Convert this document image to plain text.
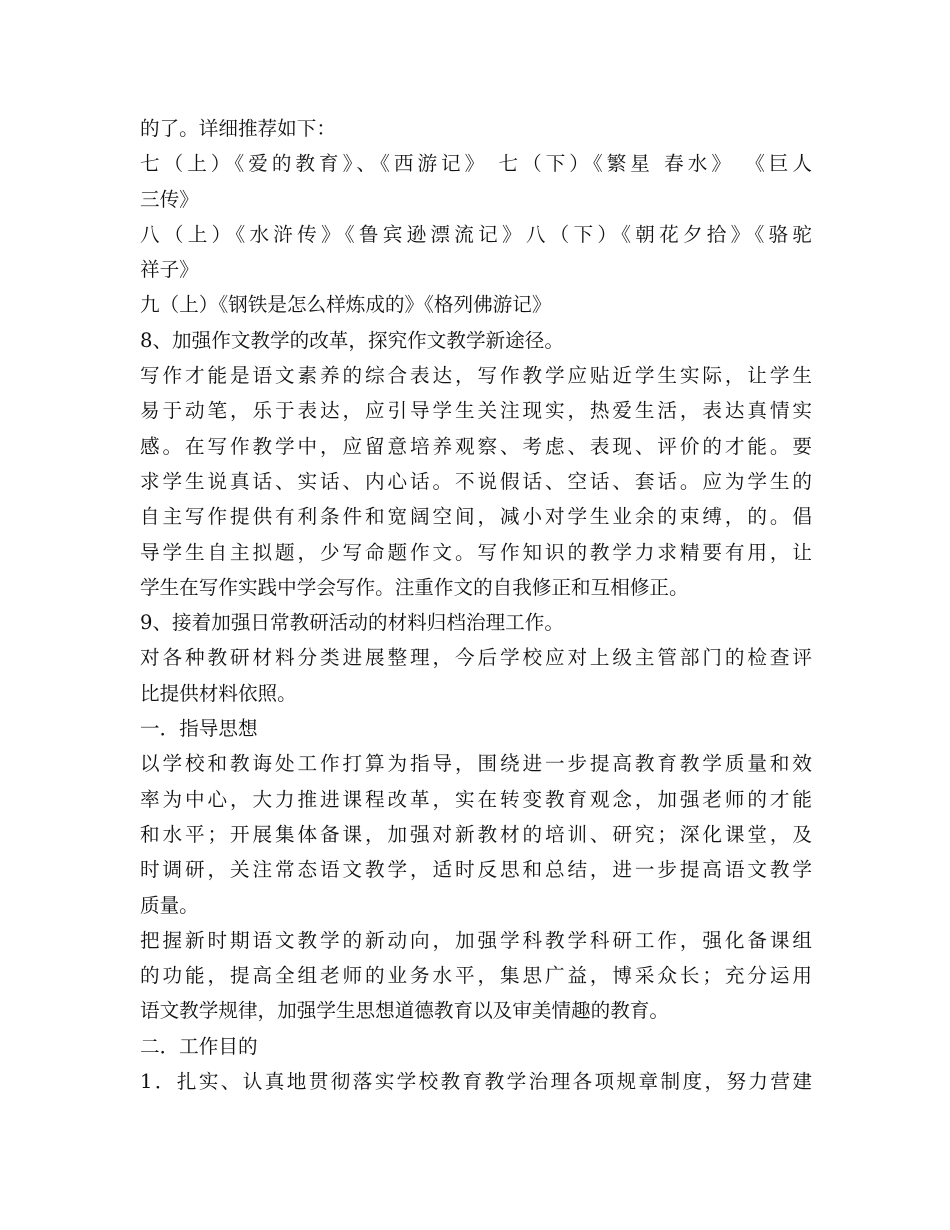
的了。详细推荐如下：
七（上）《爱的教育》、《西游记》 七（下）《繁星 春水》 《巨人
三传》
八（上）《水浒传》《鲁宾逊漂流记》八（下）《朝花夕拾》《骆驼
祥子》
九（上）《钢铁是怎么样炼成的》《格列佛游记》
8、加强作文教学的改革，探究作文教学新途径。
写作才能是语文素养的综合表达，写作教学应贴近学生实际，让学生
易于动笔，乐于表达，应引导学生关注现实，热爱生活，表达真情实
感。在写作教学中，应留意培养观察、考虑、表现、评价的才能。要
求学生说真话、实话、内心话。不说假话、空话、套话。应为学生的
自主写作提供有利条件和宽阔空间，减小对学生业余的束缚，的。倡
导学生自主拟题，少写命题作文。写作知识的教学力求精要有用，让
学生在写作实践中学会写作。注重作文的自我修正和互相修正。
9、接着加强日常教研活动的材料归档治理工作。
对各种教研材料分类进展整理，今后学校应对上级主管部门的检查评
比提供材料依照。
一．指导思想
以学校和教诲处工作打算为指导，围绕进一步提高教育教学质量和效
率为中心，大力推进课程改革，实在转变教育观念，加强老师的才能
和水平；开展集体备课，加强对新教材的培训、研究；深化课堂，及
时调研，关注常态语文教学，适时反思和总结，进一步提高语文教学
质量。
把握新时期语文教学的新动向，加强学科教学科研工作，强化备课组
的功能，提高全组老师的业务水平，集思广益，博采众长；充分运用
语文教学规律，加强学生思想道德教育以及审美情趣的教育。
二．工作目的
1．扎实、认真地贯彻落实学校教育教学治理各项规章制度，努力营建
